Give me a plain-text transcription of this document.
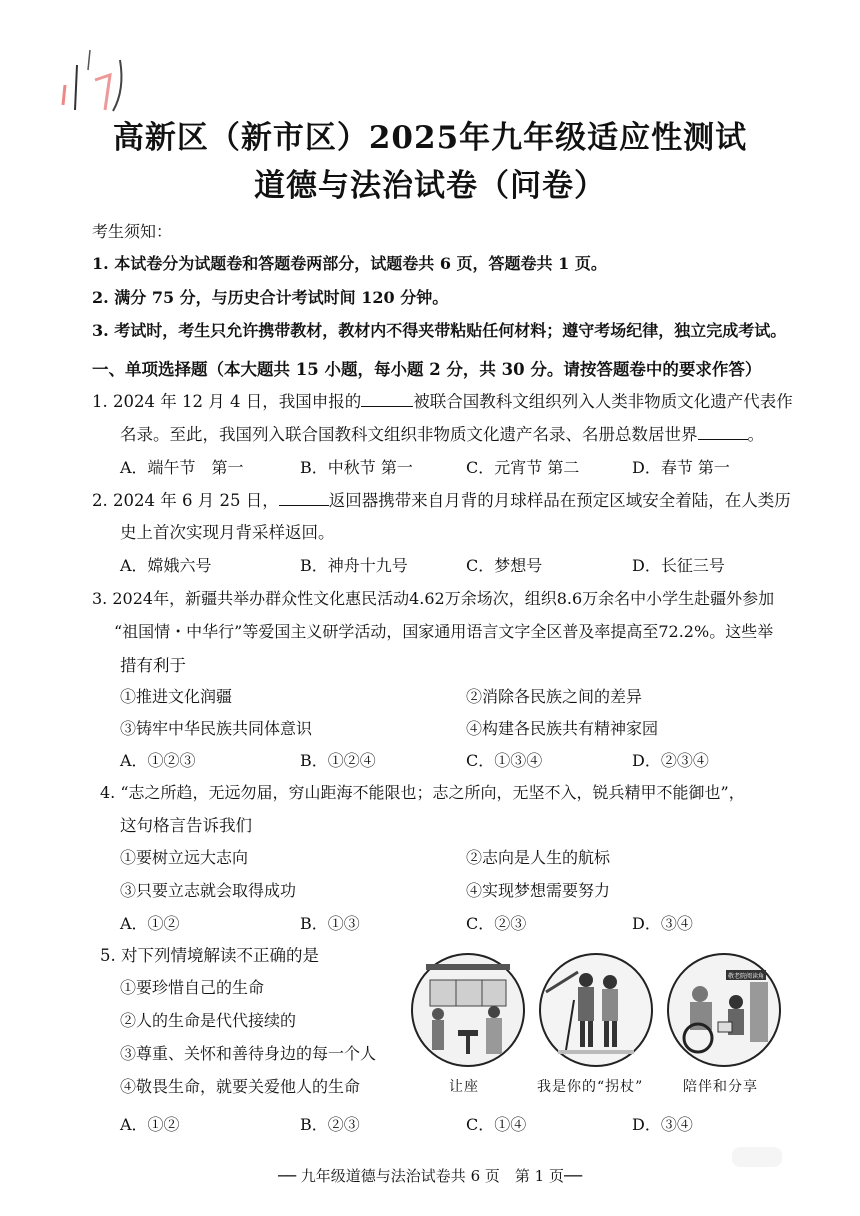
高新区（新市区）2025年九年级适应性测试
道德与法治试卷（问卷）
考生须知：
1. 本试卷分为试题卷和答题卷两部分，试题卷共 6 页，答题卷共 1 页。
2. 满分 75 分，与历史合计考试时间 120 分钟。
3. 考试时，考生只允许携带教材，教材内不得夹带粘贴任何材料；遵守考场纪律，独立完成考试。
一、单项选择题（本大题共 15 小题，每小题 2 分，共 30 分。请按答题卷中的要求作答）
1. 2024 年 12 月 4 日，我国申报的	被联合国教科文组织列入人类非物质文化遗产代表作
名录。至此，我国列入联合国教科文组织非物质文化遗产名录、名册总数居世界	。
A．端午节　第一	B．中秋节 第一	C．元宵节 第二	D．春节 第一
2. 2024 年 6 月 25 日，	返回器携带来自月背的月球样品在预定区域安全着陆，在人类历
史上首次实现月背采样返回。
A．嫦娥六号	B．神舟十九号	C．梦想号	D．长征三号
3. 2024年，新疆共举办群众性文化惠民活动4.62万余场次，组织8.6万余名中小学生赴疆外参加
“祖国情・中华行”等爱国主义研学活动，国家通用语言文字全区普及率提高至72.2%。这些举
措有利于
①推进文化润疆	②消除各民族之间的差异
③铸牢中华民族共同体意识	④构建各民族共有精神家园
A．①②③	B．①②④	C．①③④	D．②③④
4. “志之所趋，无远勿届，穷山距海不能限也；志之所向，无坚不入，锐兵精甲不能御也”，
这句格言告诉我们
①要树立远大志向	②志向是人生的航标
③只要立志就会取得成功	④实现梦想需要努力
A．①②	B．①③	C．②③	D．③④
5. 对下列情境解读不正确的是
①要珍惜自己的生命
②人的生命是代代接续的
③尊重、关怀和善待身边的每一个人
④敬畏生命，就要关爱他人的生命
敬老院阅读角
让座	我是你的“拐杖”	陪伴和分享
A．①②	B．②③	C．①④	D．③④
── 九年级道德与法治试卷共 6 页　第 1 页──
